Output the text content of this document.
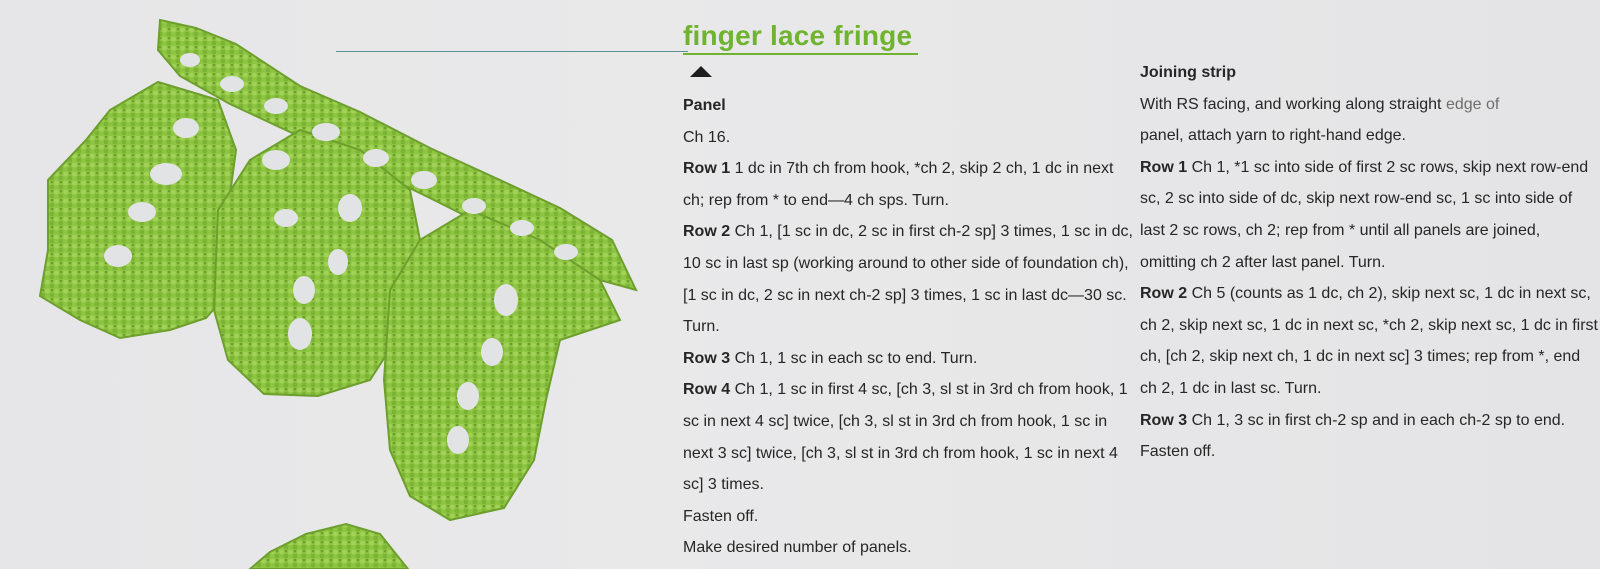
finger lace fringe

Panel

Ch 16.

Row 1 1 dc in 7th ch from hook, *ch 2, skip 2 ch, 1 dc in next ch; rep from * to end—4 ch sps. Turn.

Row 2 Ch 1, [1 sc in dc, 2 sc in first ch-2 sp] 3 times, 1 sc in dc, 10 sc in last sp (working around to other side of foundation ch), [1 sc in dc, 2 sc in next ch-2 sp] 3 times, 1 sc in last dc—30 sc. Turn.

Row 3 Ch 1, 1 sc in each sc to end. Turn.

Row 4 Ch 1, 1 sc in first 4 sc, [ch 3, sl st in 3rd ch from hook, 1 sc in next 4 sc] twice, [ch 3, sl st in 3rd ch from hook, 1 sc in next 3 sc] twice, [ch 3, sl st in 3rd ch from hook, 1 sc in next 4 sc] 3 times.

Fasten off.

Make desired number of panels.

Joining strip

With RS facing, and working along straight edge of
panel, attach yarn to right-hand edge.

Row 1 Ch 1, *1 sc into side of first 2 sc rows, skip next row-end sc, 2 sc into side of dc, skip next row-end sc, 1 sc into side of last 2 sc rows, ch 2; rep from * until all panels are joined, omitting ch 2 after last panel. Turn.

Row 2 Ch 5 (counts as 1 dc, ch 2), skip next sc, 1 dc in next sc, ch 2, skip next sc, 1 dc in next sc, *ch 2, skip next sc, 1 dc in first ch, [ch 2, skip next ch, 1 dc in next sc] 3 times; rep from *, end ch 2, 1 dc in last sc. Turn.

Row 3 Ch 1, 3 sc in first ch-2 sp and in each ch-2 sp to end.

Fasten off.
